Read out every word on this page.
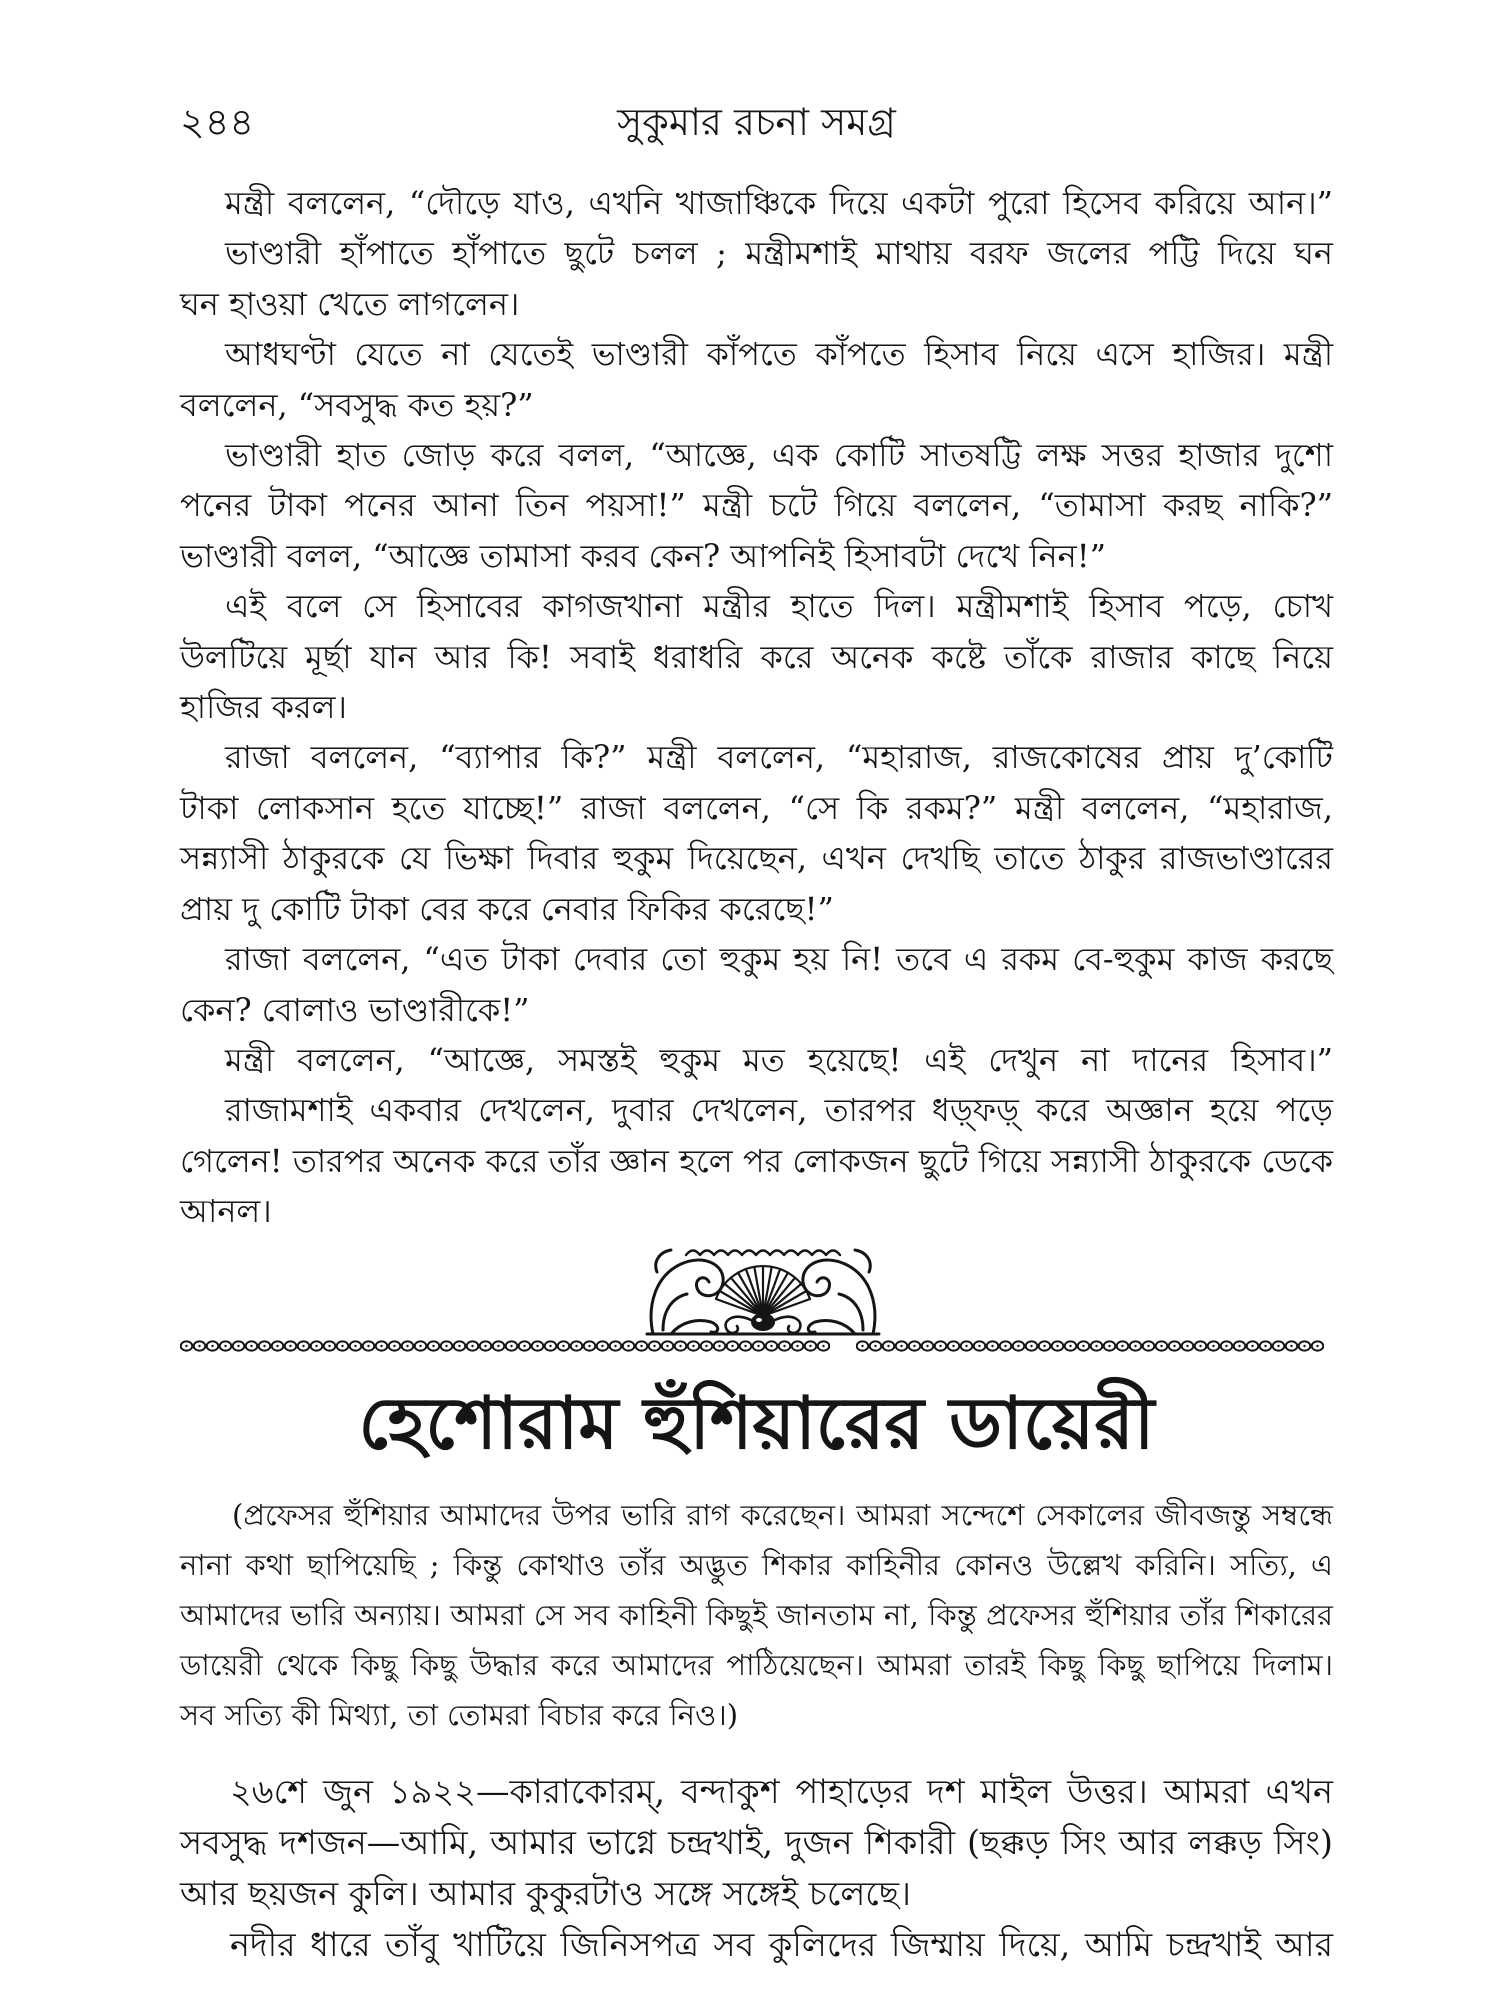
২৪৪	সুকুমার রচনা সমগ্র
মন্ত্রী বললেন, “দৌড়ে যাও, এখনি খাজাঞ্চিকে দিয়ে একটা পুরো হিসেব করিয়ে আন।”
ভাণ্ডারী হাঁপাতে হাঁপাতে ছুটে চলল ; মন্ত্রীমশাই মাথায় বরফ জলের পট্টি দিয়ে ঘন
ঘন হাওয়া খেতে লাগলেন।
আধঘণ্টা যেতে না যেতেই ভাণ্ডারী কাঁপতে কাঁপতে হিসাব নিয়ে এসে হাজির। মন্ত্রী
বললেন, “সবসুদ্ধ কত হয়?”
ভাণ্ডারী হাত জোড় করে বলল, “আজ্ঞে, এক কোটি সাতষট্টি লক্ষ সত্তর হাজার দুশো
পনের টাকা পনের আনা তিন পয়সা!” মন্ত্রী চটে গিয়ে বললেন, “তামাসা করছ নাকি?”
ভাণ্ডারী বলল, “আজ্ঞে তামাসা করব কেন? আপনিই হিসাবটা দেখে নিন!”
এই বলে সে হিসাবের কাগজখানা মন্ত্রীর হাতে দিল। মন্ত্রীমশাই হিসাব পড়ে, চোখ
উলটিয়ে মূর্ছা যান আর কি! সবাই ধরাধরি করে অনেক কষ্টে তাঁকে রাজার কাছে নিয়ে
হাজির করল।
রাজা বললেন, “ব্যাপার কি?” মন্ত্রী বললেন, “মহারাজ, রাজকোষের প্রায় দু’কোটি
টাকা লোকসান হতে যাচ্ছে!” রাজা বললেন, “সে কি রকম?” মন্ত্রী বললেন, “মহারাজ,
সন্ন্যাসী ঠাকুরকে যে ভিক্ষা দিবার হুকুম দিয়েছেন, এখন দেখছি তাতে ঠাকুর রাজভাণ্ডারের
প্রায় দু কোটি টাকা বের করে নেবার ফিকির করেছে!”
রাজা বললেন, “এত টাকা দেবার তো হুকুম হয় নি! তবে এ রকম বে-হুকুম কাজ করছে
কেন? বোলাও ভাণ্ডারীকে!”
মন্ত্রী বললেন, “আজ্ঞে, সমস্তই হুকুম মত হয়েছে! এই দেখুন না দানের হিসাব।”
রাজামশাই একবার দেখলেন, দুবার দেখলেন, তারপর ধড়্‌ফড়্‌ করে অজ্ঞান হয়ে পড়ে
গেলেন! তারপর অনেক করে তাঁর জ্ঞান হলে পর লোকজন ছুটে গিয়ে সন্ন্যাসী ঠাকুরকে ডেকে
আনল।
হেশোরাম হুঁশিয়ারের ডায়েরী
(প্রফেসর হুঁশিয়ার আমাদের উপর ভারি রাগ করেছেন। আমরা সন্দেশে সেকালের জীবজন্তু সম্বন্ধে
নানা কথা ছাপিয়েছি ; কিন্তু কোথাও তাঁর অদ্ভুত শিকার কাহিনীর কোনও উল্লেখ করিনি। সত্যি, এ
আমাদের ভারি অন্যায়। আমরা সে সব কাহিনী কিছুই জানতাম না, কিন্তু প্রফেসর হুঁশিয়ার তাঁর শিকারের
ডায়েরী থেকে কিছু কিছু উদ্ধার করে আমাদের পাঠিয়েছেন। আমরা তারই কিছু কিছু ছাপিয়ে দিলাম।
সব সত্যি কী মিথ্যা, তা তোমরা বিচার করে নিও।)
২৬শে জুন ১৯২২—কারাকোরম্, বন্দাকুশ পাহাড়ের দশ মাইল উত্তর। আমরা এখন
সবসুদ্ধ দশজন—আমি, আমার ভাগ্নে চন্দ্রখাই, দুজন শিকারী (ছক্কড় সিং আর লক্কড় সিং)
আর ছয়জন কুলি। আমার কুকুরটাও সঙ্গে সঙ্গেই চলেছে।
নদীর ধারে তাঁবু খাটিয়ে জিনিসপত্র সব কুলিদের জিম্মায় দিয়ে, আমি চন্দ্রখাই আর
